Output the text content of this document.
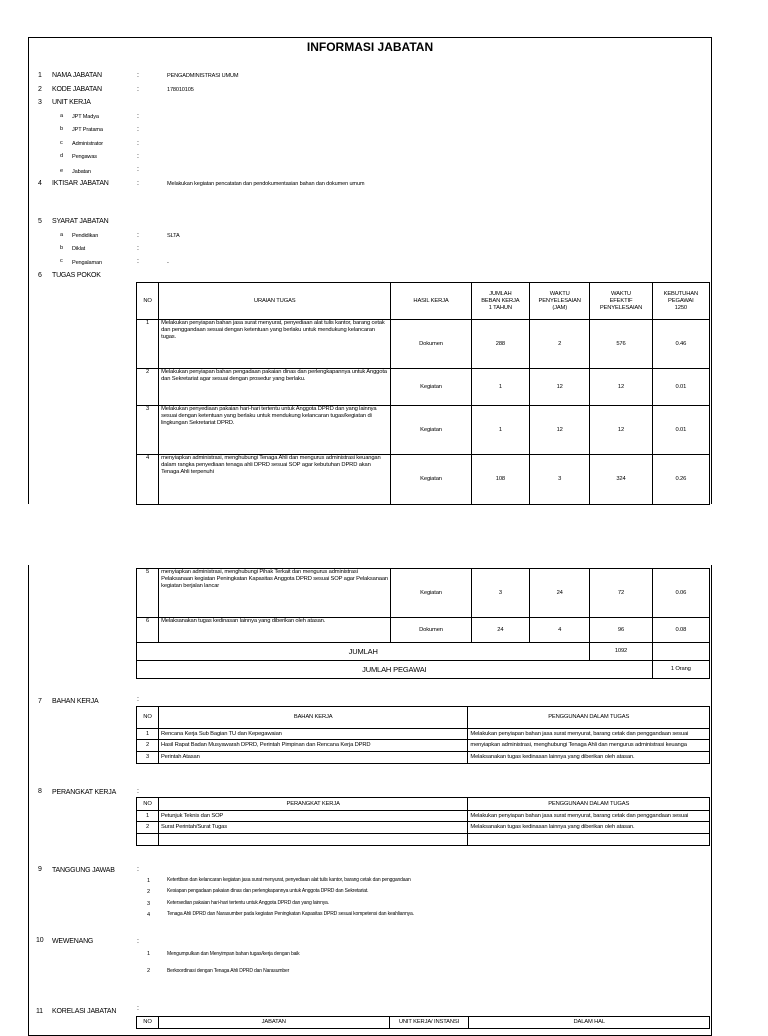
INFORMASI JABATAN
1 NAMA JABATAN	:	PENGADMINISTRASI UMUM
2 KODE JABATAN	:	178010105
3 UNIT KERJA
a JPT Madya	:
b JPT Pratama	:
c Administrator	:
d Pengawas	:
e Jabatan	:
4 IKTISAR JABATAN	:	Melakukan kegiatan pencatatan dan pendokumentasian bahan dan dokumen umum
5 SYARAT JABATAN
a Pendidikan	:	SLTA
b Diklat	:
c Pengalaman	:	-
6 TUGAS POKOK
NO	URAIAN TUGAS	HASIL KERJA	JUMLAH
BEBAN KERJA
1 TAHUN	WAKTU
PENYELESAIAN
(JAM)	WAKTU
EFEKTIF
PENYELESAIAN	KEBUTUHAN
PEGAWAI
1250
1	Melakukan penyiapan bahan jasa surat menyurat, penyediaan alat tulis kantor, barang cetak dan penggandaan sesuai dengan ketentuan yang berlaku untuk mendukung kelancaran tugas.	Dokumen	288	2	576	0.46
2	Melakukan penyiapan bahan pengadaan pakaian dinas dan perlengkapannya untuk Anggota dan Sekretariat agar sesuai dengan prosedur yang berlaku.	Kegiatan	1	12	12	0.01
3	Melakukan penyediaan pakaian hari-hari tertentu untuk Anggota DPRD dan yang lainnya sesuai dengan ketentuan yang berlaku untuk mendukung kelancaran tugas/kegiatan di lingkungan Sekretariat DPRD.	Kegiatan	1	12	12	0.01
4	menyiapkan administrasi, menghubungi Tenaga Ahli dan mengurus administrasi keuangan dalam rangka penyediaan tenaga ahli DPRD sesuai SOP agar kebutuhan DPRD akan Tenaga Ahli terpenuhi	Kegiatan	108	3	324	0.26
5	menyiapkan administrasi, menghubungi Pihak Terkait dan mengurus administrasi Pelaksanaan kegiatan Peningkatan Kapasitas Anggota DPRD sesuai SOP agar Pelaksanaan kegiatan berjalan lancar	Kegiatan	3	24	72	0.06
6	Melaksanakan tugas kedinasan lainnya yang diberikan oleh atasan.	Dokumen	24	4	96	0.08
JUMLAH					1092	
JUMLAH PEGAWAI						1 Orang
7 BAHAN KERJA	:
NO	BAHAN KERJA	PENGGUNAAN DALAM TUGAS
1	Rencana Kerja Sub Bagian TU dan Kepegawaian	Melakukan penyiapan bahan jasa surat menyurat, barang cetak dan penggandaan sesuai
2	Hasil Rapat Badan Musyawarah DPRD, Perintah Pimpinan dan Rencana Kerja DPRD	menyiapkan administrasi, menghubungi Tenaga Ahli dan mengurus administrasi keuanga
3	Perintah Atasan	Melaksanakan tugas kedinasan lainnya yang diberikan oleh atasan.
8 PERANGKAT KERJA	:
NO	PERANGKAT KERJA	PENGGUNAAN DALAM TUGAS
1	Petunjuk Teknis dan SOP	Melakukan penyiapan bahan jasa surat menyurat, barang cetak dan penggandaan sesuai
2	Surat Perintah/Surat Tugas	Melaksanakan tugas kedinasan lainnya yang diberikan oleh atasan.

9 TANGGUNG JAWAB	:
1	Ketertiban dan kelancaran kegiatan jasa surat menyurat, penyediaan alat tulis kantor, barang cetak dan penggandaan
2	Kesiapan pengadaan pakaian dinas dan perlengkapannya untuk Anggota DPRD dan Sekretariat.
3	Ketersedian pakaian hari-hari tertentu untuk Anggota DPRD dan yang lainnya.
4	Tenaga Ahli DPRD dan Narasumber pada kegiatan Peningkatan Kapasitas DPRD sesuai kompetensi dan keahliannya.
10 WEWENANG	:
1	Mengumpulkan dan Menyimpan bahan tugas/kerja dengan baik
2	Berkoordinasi dengan Tenaga Ahli DPRD dan Narasumber
11 KORELASI JABATAN	:
NO	JABATAN	UNIT KERJA/ INSTANSI	DALAM HAL
